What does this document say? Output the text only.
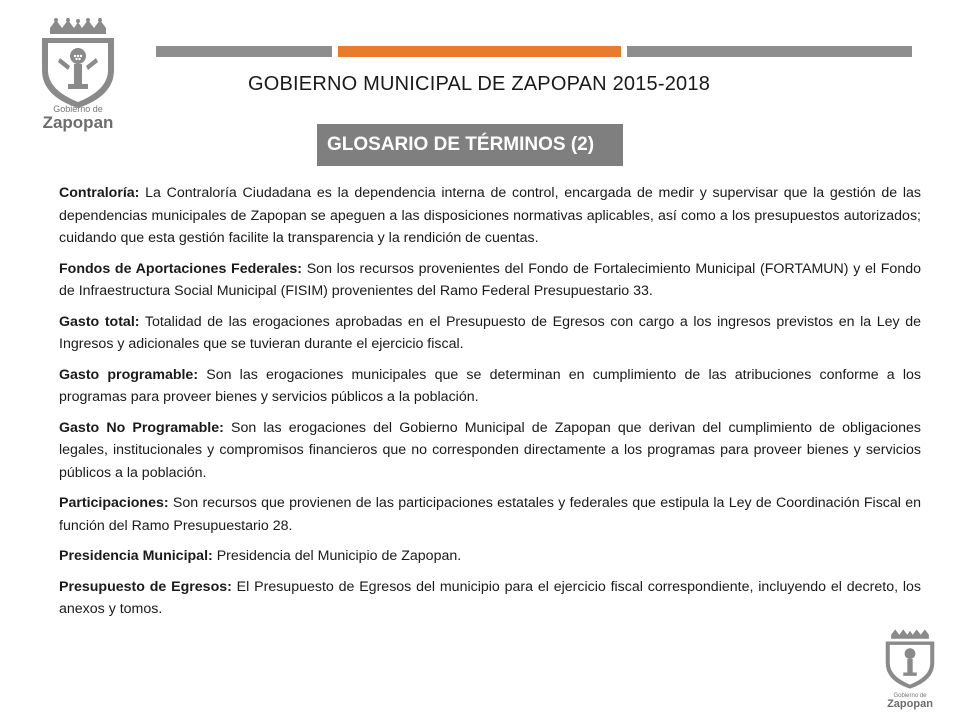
Gobierno de
Zapopan
GOBIERNO MUNICIPAL DE ZAPOPAN 2015-2018
GLOSARIO DE TÉRMINOS (2)

Contraloría: La Contraloría Ciudadana es la dependencia interna de control, encargada de medir y supervisar que la gestión de las dependencias municipales de Zapopan se apeguen a las disposiciones normativas aplicables, así como a los presupuestos autorizados; cuidando que esta gestión facilite la transparencia y la rendición de cuentas.

Fondos de Aportaciones Federales: Son los recursos provenientes del Fondo de Fortalecimiento Municipal (FORTAMUN) y el Fondo de Infraestructura Social Municipal (FISIM) provenientes del Ramo Federal Presupuestario 33.

Gasto total: Totalidad de las erogaciones aprobadas en el Presupuesto de Egresos con cargo a los ingresos previstos en la Ley de Ingresos y adicionales que se tuvieran durante el ejercicio fiscal.

Gasto programable: Son las erogaciones municipales que se determinan en cumplimiento de las atribuciones conforme a los programas para proveer bienes y servicios públicos a la población.

Gasto No Programable: Son las erogaciones del Gobierno Municipal de Zapopan que derivan del cumplimiento de obligaciones legales, institucionales y compromisos financieros que no corresponden directamente a los programas para proveer bienes y servicios públicos a la población.

Participaciones: Son recursos que provienen de las participaciones estatales y federales que estipula la Ley de Coordinación Fiscal en función del Ramo Presupuestario 28.

Presidencia Municipal: Presidencia del Municipio de Zapopan.

Presupuesto de Egresos: El Presupuesto de Egresos del municipio para el ejercicio fiscal correspondiente, incluyendo el decreto, los anexos y tomos.

Gobierno de
Zapopan
